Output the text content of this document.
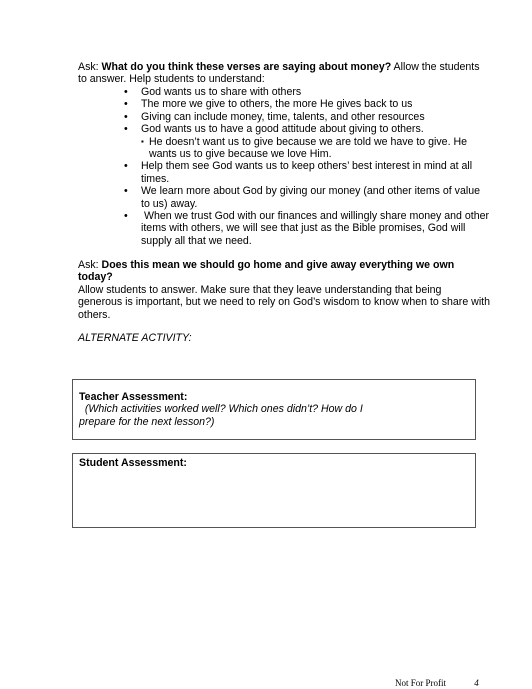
Ask: What do you think these verses are saying about money? Allow the students

to answer. Help students to understand:

• God wants us to share with others
• The more we give to others, the more He gives back to us
• Giving can include money, time, talents, and other resources
• God wants us to have a good attitude about giving to others.
▪ He doesn’t want us to give because we are told we have to give. He
wants us to give because we love Him.
• Help them see God wants us to keep others’ best interest in mind at all
times.
• We learn more about God by giving our money (and other items of value
to us) away.
• When we trust God with our finances and willingly share money and other
items with others, we will see that just as the Bible promises, God will
supply all that we need.

Ask: Does this mean we should go home and give away everything we own

today?

Allow students to answer. Make sure that they leave understanding that being

generous is important, but we need to rely on God’s wisdom to know when to share with

others.

ALTERNATE ACTIVITY:

Teacher Assessment:  (Which activities worked well? Which ones didn’t? How do I

prepare for the next lesson?)

Student Assessment:
Not For Profit	4
